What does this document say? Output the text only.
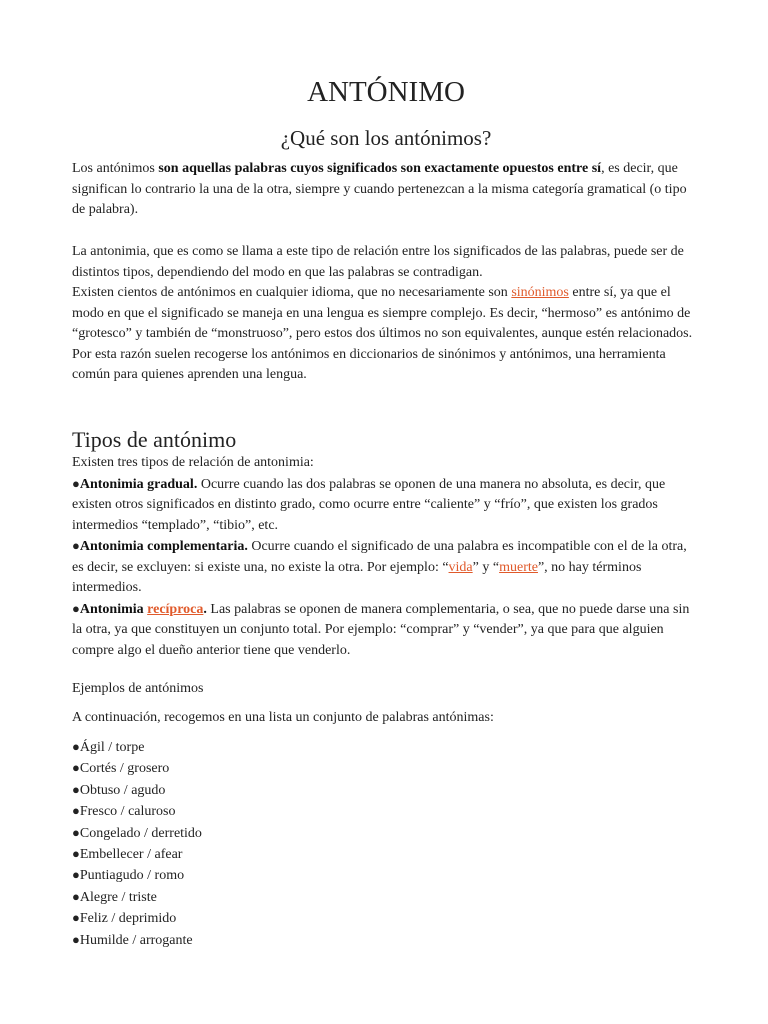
ANTÓNIMO
¿Qué son los antónimos?

Los antónimos son aquellas palabras cuyos significados son exactamente opuestos entre sí, es decir, que significan lo contrario la una de la otra, siempre y cuando pertenezcan a la misma categoría gramatical (o tipo de palabra).

La antonimia, que es como se llama a este tipo de relación entre los significados de las palabras, puede ser de distintos tipos, dependiendo del modo en que las palabras se contradigan.
Existen cientos de antónimos en cualquier idioma, que no necesariamente son sinónimos entre sí, ya que el modo en que el significado se maneja en una lengua es siempre complejo. Es decir, “hermoso” es antónimo de “grotesco” y también de “monstruoso”, pero estos dos últimos no son equivalentes, aunque estén relacionados.
Por esta razón suelen recogerse los antónimos en diccionarios de sinónimos y antónimos, una herramienta común para quienes aprenden una lengua.

Tipos de antónimo

Existen tres tipos de relación de antonimia:
●Antonimia gradual. Ocurre cuando las dos palabras se oponen de una manera no absoluta, es decir, que existen otros significados en distinto grado, como ocurre entre “caliente” y “frío”, que existen los grados intermedios “templado”, “tibio”, etc.
●Antonimia complementaria. Ocurre cuando el significado de una palabra es incompatible con el de la otra, es decir, se excluyen: si existe una, no existe la otra. Por ejemplo: “vida” y “muerte”, no hay términos intermedios.
●Antonimia recíproca. Las palabras se oponen de manera complementaria, o sea, que no puede darse una sin la otra, ya que constituyen un conjunto total. Por ejemplo: “comprar” y “vender”, ya que para que alguien compre algo el dueño anterior tiene que venderlo.

Ejemplos de antónimos

A continuación, recogemos en una lista un conjunto de palabras antónimas:

●Ágil / torpe
●Cortés / grosero
●Obtuso / agudo
●Fresco / caluroso
●Congelado / derretido
●Embellecer / afear
●Puntiagudo / romo
●Alegre / triste
●Feliz / deprimido
●Humilde / arrogante
